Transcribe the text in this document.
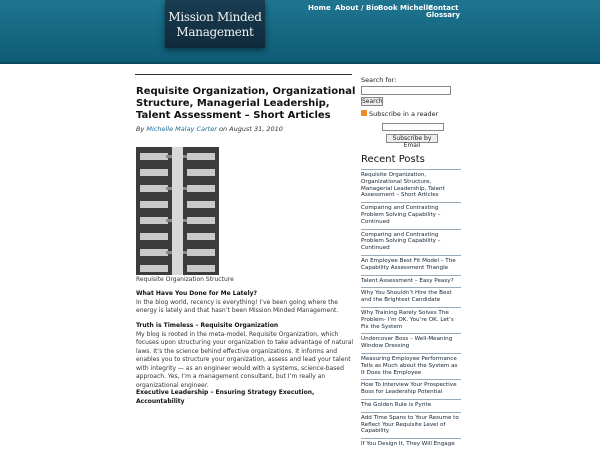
Mission Minded
Management
Home About / Bio Book Michelle
Contact
Glossary
Requisite Organization, Organizational Structure, Managerial Leadership, Talent Assessment – Short Articles
By Michelle Malay Carter on August 31, 2010
Requisite Organization Structure
What Have You Done for Me Lately?
In the blog world, recency is everything! I’ve been going where the energy is lately and that hasn’t been Mission Minded Management.
Truth is Timeless – Requisite Organization
My blog is rooted in the meta-model, Requisite Organization, which focuses upon structuring your organization to take advantage of natural laws. It’s the science behind effective organizations. It informs and enables you to structure your organization, assess and lead your talent with integrity — as an engineer would with a systems, science-based approach. Yes, I’m a management consultant, but I’m really an organizational engineer.
Executive Leadership – Ensuring Strategy Execution, Accountability
Search for:
Search
Subscribe in a reader
Subscribe by Email
Recent Posts
Requisite Organization, Organizational Structure, Managerial Leadership, Talent Assessment – Short Articles
Comparing and Contrasting Problem Solving Capability – Continued
Comparing and Contrasting Problem Solving Capability – Continued
An Employee Best Fit Model – The Capability Assessment Triangle
Talent Assessment – Easy Peasy?
Why You Shouldn’t Hire the Best and the Brightest Candidate
Why Training Rarely Solves The Problem- I’m OK. You’re OK. Let’s Fix the System
Undercover Boss – Well-Meaning Window Dressing
Measuring Employee Performance Tells as Much about the System as It Does the Employee
How To Interview Your Prospective Boss for Leadership Potential
The Golden Rule is Pyrite
Add Time Spans to Your Resume to Reflect Your Requisite Level of Capability
If You Design It, They Will Engage
